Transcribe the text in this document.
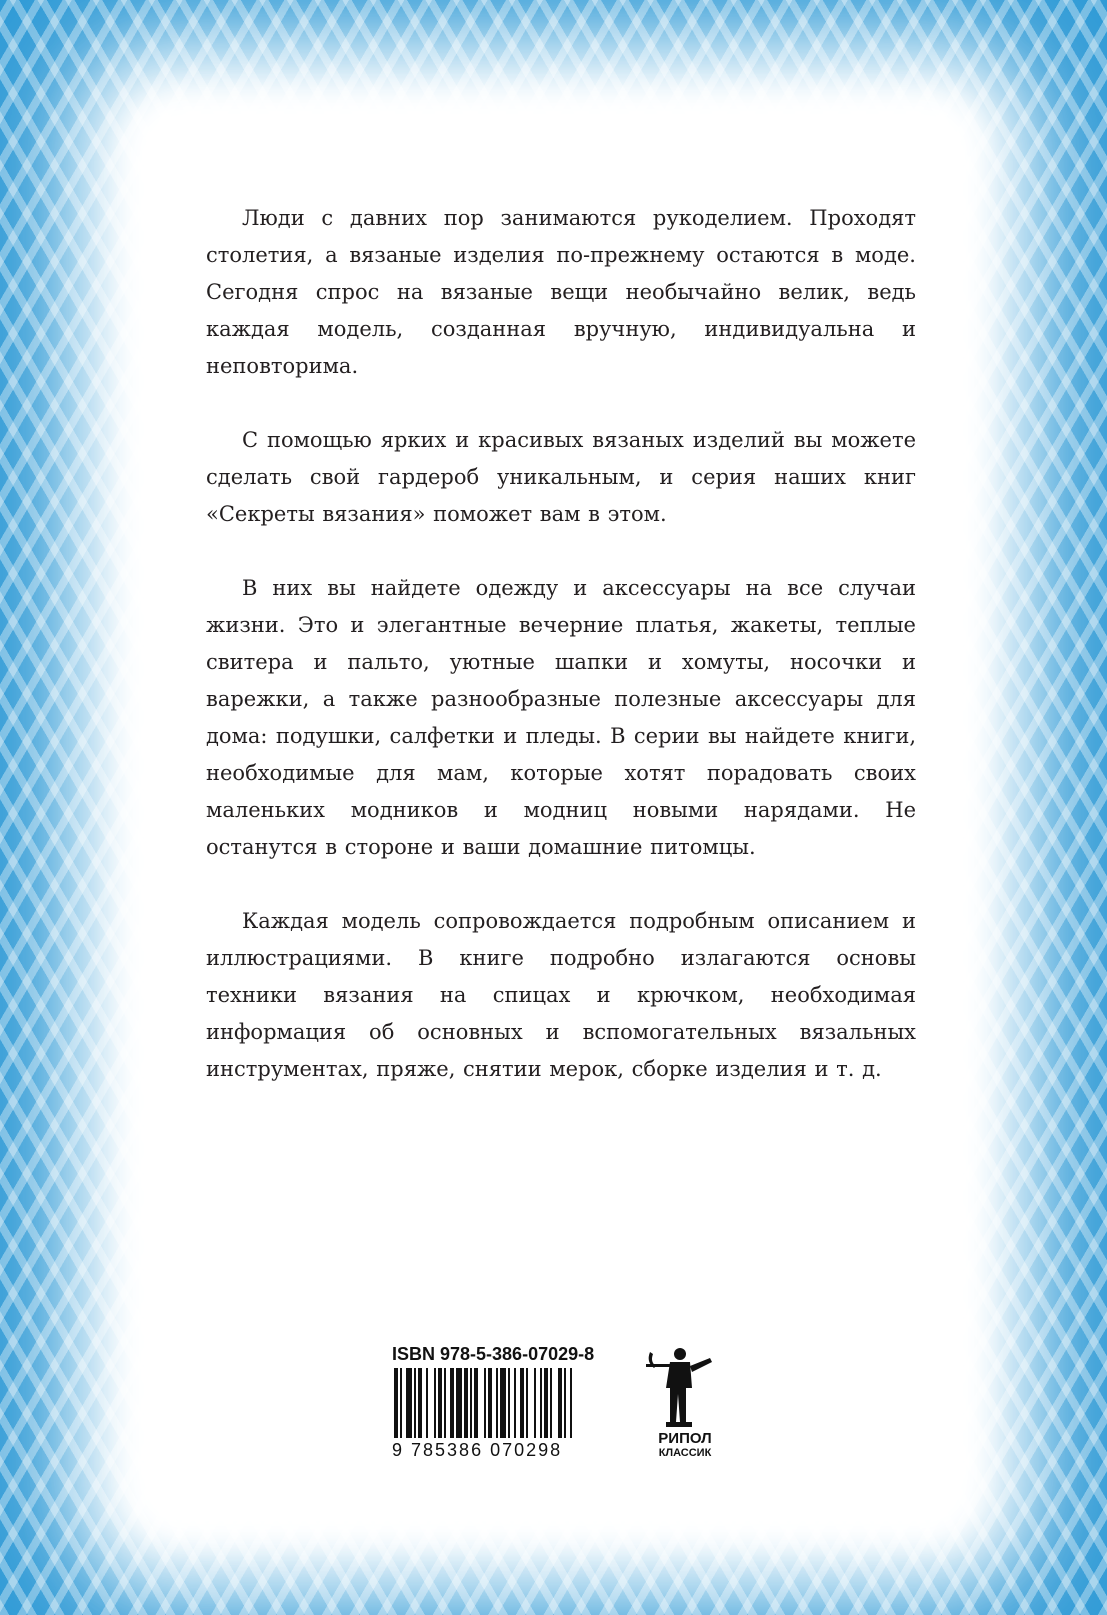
Люди с давних пор занимаются рукоделием. Проходят столетия, а вязаные изделия по-прежнему остаются в моде. Сегодня спрос на вязаные вещи необычайно велик, ведь каждая модель, созданная вручную, индивидуальна и неповторима.

С помощью ярких и красивых вязаных изделий вы можете сделать свой гардероб уникальным, и серия наших книг «Секреты вязания» поможет вам в этом.

В них вы найдете одежду и аксессуары на все случаи жизни. Это и элегантные вечерние платья, жакеты, теплые свитера и пальто, уютные шапки и хомуты, носочки и варежки, а также разнообразные полезные аксессуары для дома: подушки, салфетки и пледы. В серии вы найдете книги, необходимые для мам, которые хотят порадовать своих маленьких модников и модниц новыми нарядами. Не останутся в стороне и ваши домашние питомцы.

Каждая модель сопровождается подробным описанием и иллюстрациями. В книге подробно излагаются основы техники вязания на спицах и крючком, необходимая информация об основных и вспомогательных вязальных инструментах, пряже, снятии мерок, сборке изделия и т. д.

ISBN 978-5-386-07029-8
9 785386 070298
РИПОЛ
КЛАССИК
